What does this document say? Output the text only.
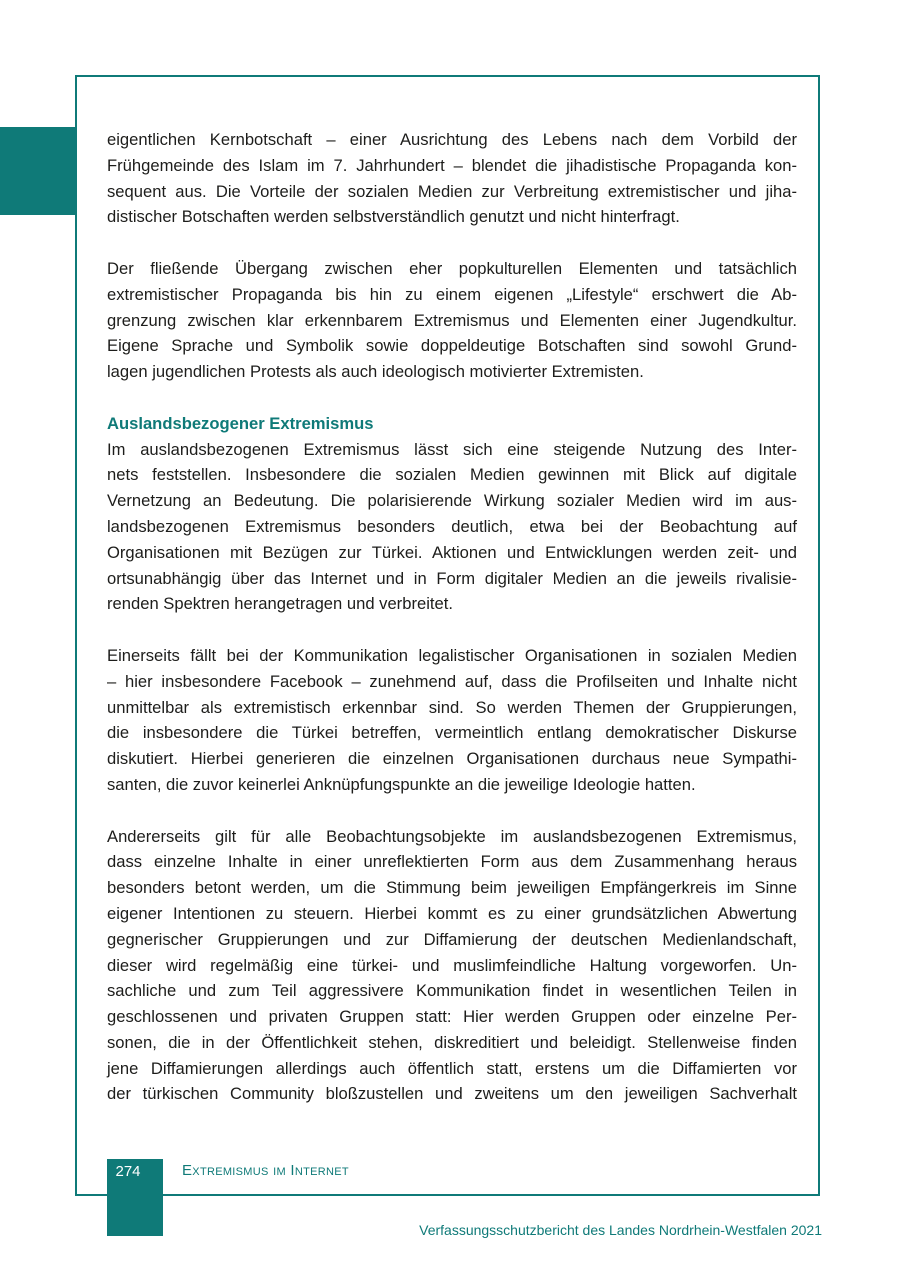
eigentlichen Kernbotschaft – einer Ausrichtung des Lebens nach dem Vorbild der
Frühgemeinde des Islam im 7. Jahrhundert – blendet die jihadistische Propaganda kon-
sequent aus. Die Vorteile der sozialen Medien zur Verbreitung extremistischer und jiha-
distischer Botschaften werden selbstverständlich genutzt und nicht hinterfragt.
Der fließende Übergang zwischen eher popkulturellen Elementen und tatsächlich
extremistischer Propaganda bis hin zu einem eigenen „Lifestyle“ erschwert die Ab-
grenzung zwischen klar erkennbarem Extremismus und Elementen einer Jugendkultur.
Eigene Sprache und Symbolik sowie doppeldeutige Botschaften sind sowohl Grund-
lagen jugendlichen Protests als auch ideologisch motivierter Extremisten.
Auslandsbezogener Extremismus
Im auslandsbezogenen Extremismus lässt sich eine steigende Nutzung des Inter-
nets feststellen. Insbesondere die sozialen Medien gewinnen mit Blick auf digitale
Vernetzung an Bedeutung. Die polarisierende Wirkung sozialer Medien wird im aus-
landsbezogenen Extremismus besonders deutlich, etwa bei der Beobachtung auf
Organisationen mit Bezügen zur Türkei. Aktionen und Entwicklungen werden zeit- und
ortsunabhängig über das Internet und in Form digitaler Medien an die jeweils rivalisie-
renden Spektren herangetragen und verbreitet.
Einerseits fällt bei der Kommunikation legalistischer Organisationen in sozialen Medien
– hier insbesondere Facebook – zunehmend auf, dass die Profilseiten und Inhalte nicht
unmittelbar als extremistisch erkennbar sind. So werden Themen der Gruppierungen,
die insbesondere die Türkei betreffen, vermeintlich entlang demokratischer Diskurse
diskutiert. Hierbei generieren die einzelnen Organisationen durchaus neue Sympathi-
santen, die zuvor keinerlei Anknüpfungspunkte an die jeweilige Ideologie hatten.
Andererseits gilt für alle Beobachtungsobjekte im auslandsbezogenen Extremismus,
dass einzelne Inhalte in einer unreflektierten Form aus dem Zusammenhang heraus
besonders betont werden, um die Stimmung beim jeweiligen Empfängerkreis im Sinne
eigener Intentionen zu steuern. Hierbei kommt es zu einer grundsätzlichen Abwertung
gegnerischer Gruppierungen und zur Diffamierung der deutschen Medienlandschaft,
dieser wird regelmäßig eine türkei- und muslimfeindliche Haltung vorgeworfen. Un-
sachliche und zum Teil aggressivere Kommunikation findet in wesentlichen Teilen in
geschlossenen und privaten Gruppen statt: Hier werden Gruppen oder einzelne Per-
sonen, die in der Öffentlichkeit stehen, diskreditiert und beleidigt. Stellenweise finden
jene Diffamierungen allerdings auch öffentlich statt, erstens um die Diffamierten vor
der türkischen Community bloßzustellen und zweitens um den jeweiligen Sachverhalt
274	Extremismus im Internet
Verfassungsschutzbericht des Landes Nordrhein-Westfalen 2021
